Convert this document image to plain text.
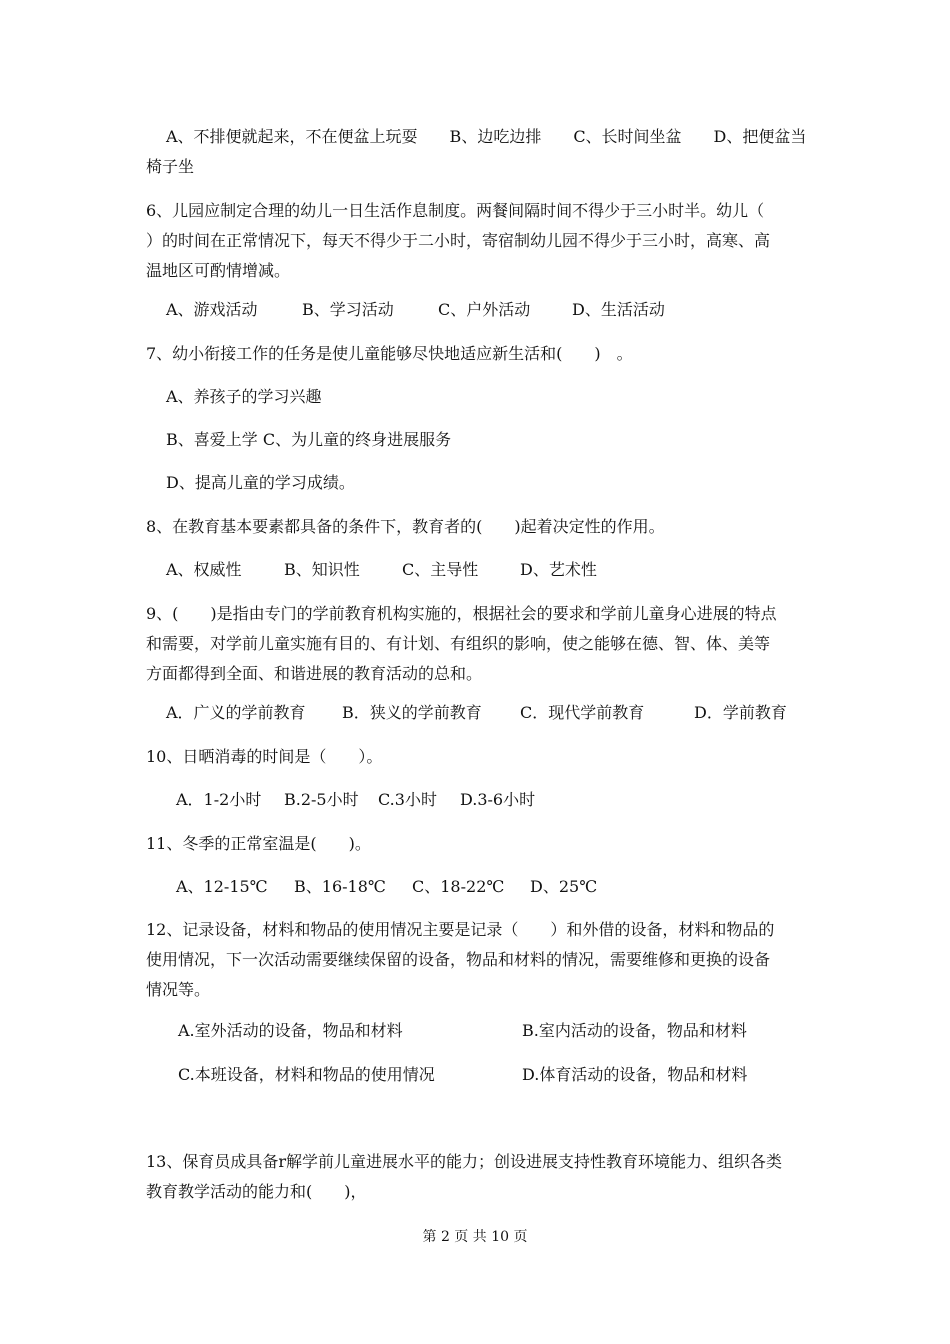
A、不排便就起来，不在便盆上玩耍　　B、边吃边排　　C、长时间坐盆　　D、把便盆当
椅子坐
6、儿园应制定合理的幼儿一日生活作息制度。两餐间隔时间不得少于三小时半。幼儿（
）的时间在正常情况下，每天不得少于二小时，寄宿制幼儿园不得少于三小时，高寒、高
温地区可酌情增减。
A、游戏活动	B、学习活动	C、户外活动	D、生活活动
7、幼小衔接工作的任务是使儿童能够尽快地适应新生活和(　　)　。
A、养孩子的学习兴趣
B、喜爱上学 C、为儿童的终身进展服务
D、提高儿童的学习成绩。
8、在教育基本要素都具备的条件下，教育者的(　　)起着决定性的作用。
A、权威性	B、知识性	C、主导性	D、艺术性
9、(　　)是指由专门的学前教育机构实施的，根据社会的要求和学前儿童身心进展的特点
和需要，对学前儿童实施有目的、有计划、有组织的影响，使之能够在德、智、体、美等
方面都得到全面、和谐进展的教育活动的总和。
A．广义的学前教育 B．狭义的学前教育 C．现代学前教育	D．学前教育
10、日晒消毒的时间是（　　）。
A．1-2小时 B.2-5小时 C.3小时 D.3-6小时
11、冬季的正常室温是(　　)。
A、12-15℃ B、16-18℃ C、18-22℃ D、25℃
12、记录设备，材料和物品的使用情况主要是记录（　　）和外借的设备，材料和物品的
使用情况，下一次活动需要继续保留的设备，物品和材料的情况，需要维修和更换的设备
情况等。
A.室外活动的设备，物品和材料	B.室内活动的设备，物品和材料
C.本班设备，材料和物品的使用情况	D.体育活动的设备，物品和材料
13、保育员成具备r解学前儿童进展水平的能力；创设进展支持性教育环境能力、组织各类
教育教学活动的能力和(　　)，
第 2 页 共 10 页
